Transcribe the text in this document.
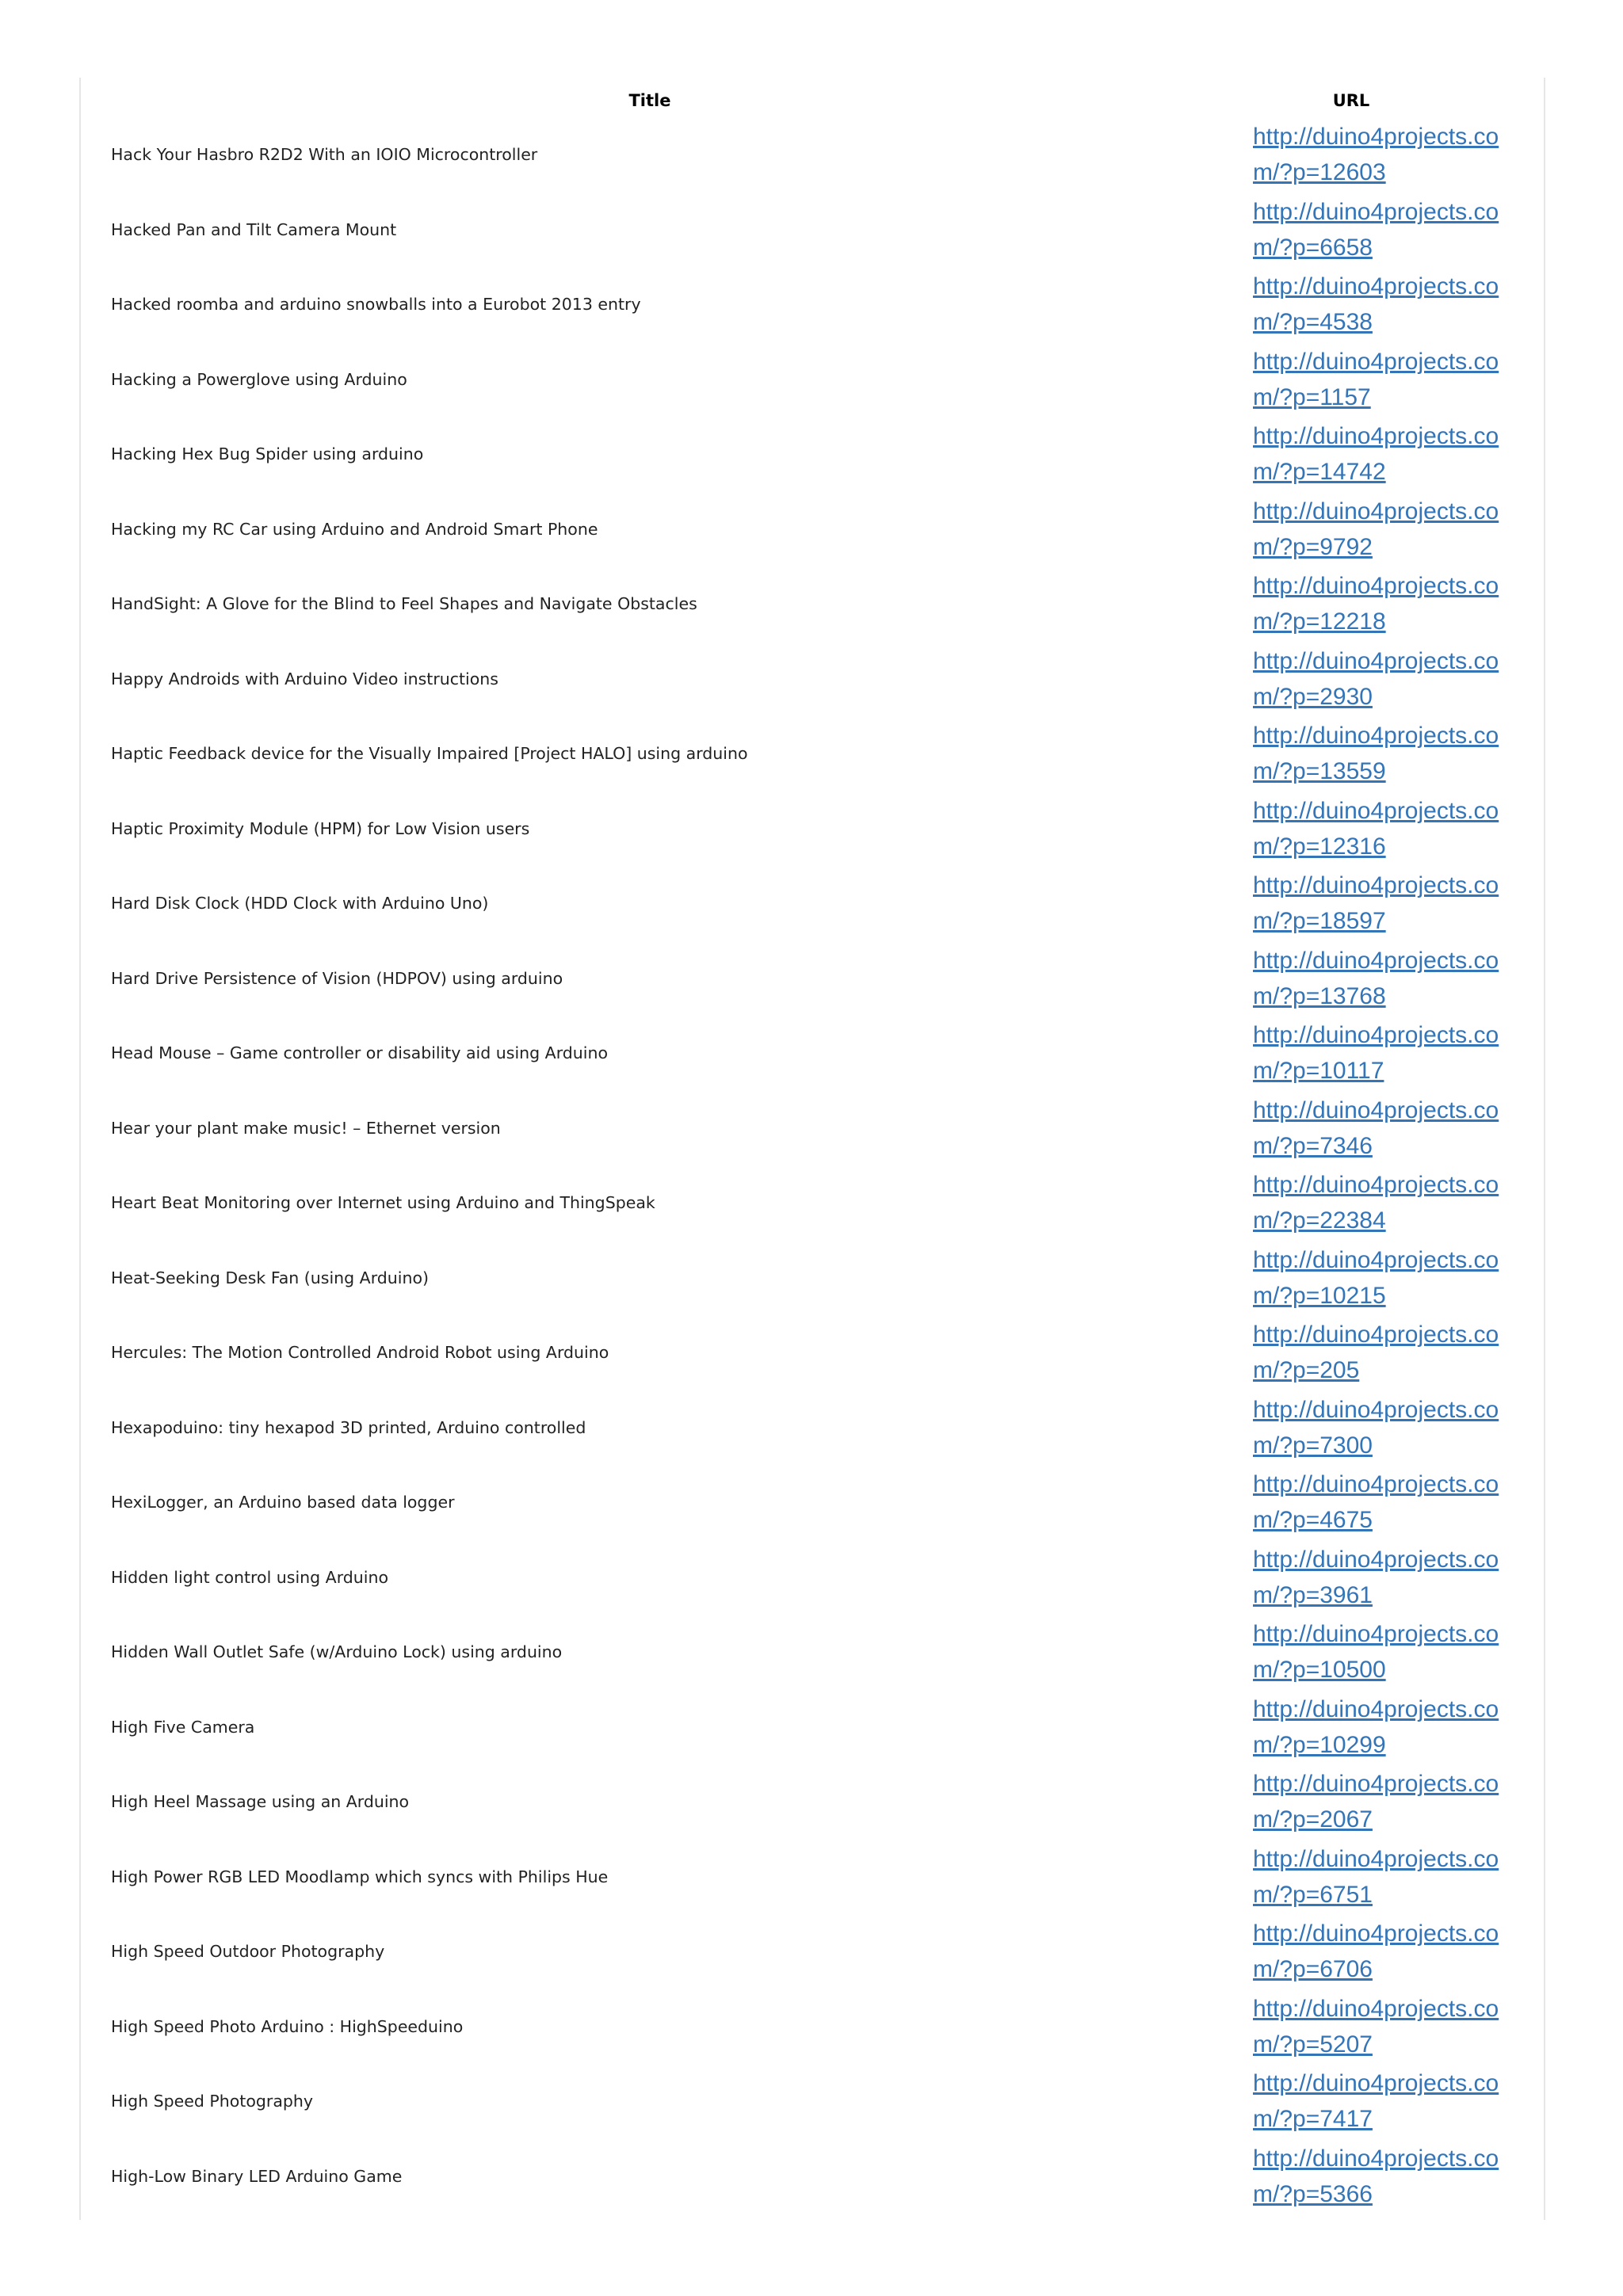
Title	URL
Hack Your Hasbro R2D2 With an IOIO Microcontroller	http://duino4projects.com/?p=12603

Hacked Pan and Tilt Camera Mount	http://duino4projects.com/?p=6658

Hacked roomba and arduino snowballs into a Eurobot 2013 entry	http://duino4projects.com/?p=4538

Hacking a Powerglove using Arduino	http://duino4projects.com/?p=1157

Hacking Hex Bug Spider using arduino	http://duino4projects.com/?p=14742

Hacking my RC Car using Arduino and Android Smart Phone	http://duino4projects.com/?p=9792

HandSight: A Glove for the Blind to Feel Shapes and Navigate Obstacles	http://duino4projects.com/?p=12218

Happy Androids with Arduino Video instructions	http://duino4projects.com/?p=2930

Haptic Feedback device for the Visually Impaired [Project HALO] using arduino	http://duino4projects.com/?p=13559

Haptic Proximity Module (HPM) for Low Vision users	http://duino4projects.com/?p=12316

Hard Disk Clock (HDD Clock with Arduino Uno)	http://duino4projects.com/?p=18597

Hard Drive Persistence of Vision (HDPOV) using arduino	http://duino4projects.com/?p=13768

Head Mouse – Game controller or disability aid using Arduino	http://duino4projects.com/?p=10117

Hear your plant make music! – Ethernet version	http://duino4projects.com/?p=7346

Heart Beat Monitoring over Internet using Arduino and ThingSpeak	http://duino4projects.com/?p=22384

Heat-Seeking Desk Fan (using Arduino)	http://duino4projects.com/?p=10215

Hercules: The Motion Controlled Android Robot using Arduino	http://duino4projects.com/?p=205

Hexapoduino: tiny hexapod 3D printed, Arduino controlled	http://duino4projects.com/?p=7300

HexiLogger, an Arduino based data logger	http://duino4projects.com/?p=4675

Hidden light control using Arduino	http://duino4projects.com/?p=3961

Hidden Wall Outlet Safe (w/Arduino Lock) using arduino	http://duino4projects.com/?p=10500

High Five Camera	http://duino4projects.com/?p=10299

High Heel Massage using an Arduino	http://duino4projects.com/?p=2067

High Power RGB LED Moodlamp which syncs with Philips Hue	http://duino4projects.com/?p=6751

High Speed Outdoor Photography	http://duino4projects.com/?p=6706

High Speed Photo Arduino : HighSpeeduino	http://duino4projects.com/?p=5207

High Speed Photography	http://duino4projects.com/?p=7417

High-Low Binary LED Arduino Game	http://duino4projects.com/?p=5366
